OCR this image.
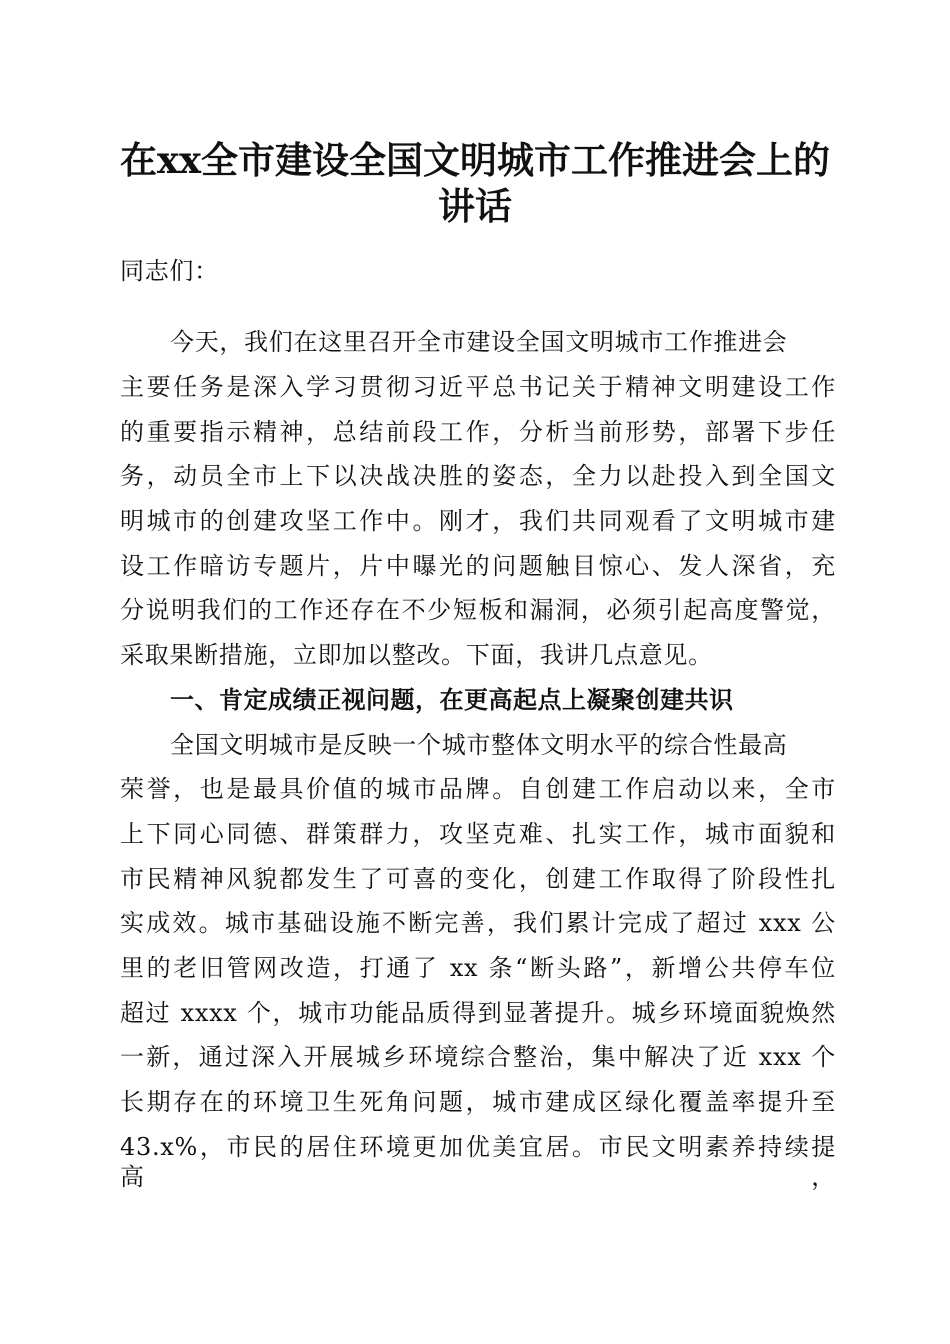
在xx全市建设全国文明城市工作推进会上的
讲话
同志们：
今天，我们在这里召开全市建设全国文明城市工作推进会
主要任务是深入学习贯彻习近平总书记关于精神文明建设工作
的重要指示精神，总结前段工作，分析当前形势，部署下步任
务，动员全市上下以决战决胜的姿态，全力以赴投入到全国文
明城市的创建攻坚工作中。刚才，我们共同观看了文明城市建
设工作暗访专题片，片中曝光的问题触目惊心、发人深省，充
分说明我们的工作还存在不少短板和漏洞，必须引起高度警觉，
采取果断措施，立即加以整改。下面，我讲几点意见。
一、肯定成绩正视问题，在更高起点上凝聚创建共识
全国文明城市是反映一个城市整体文明水平的综合性最高
荣誉，也是最具价值的城市品牌。自创建工作启动以来，全市
上下同心同德、群策群力，攻坚克难、扎实工作，城市面貌和
市民精神风貌都发生了可喜的变化，创建工作取得了阶段性扎
实成效。城市基础设施不断完善，我们累计完成了超过 xxx 公
里的老旧管网改造，打通了 xx 条“断头路”，新增公共停车位
超过 xxxx 个，城市功能品质得到显著提升。城乡环境面貌焕然
一新，通过深入开展城乡环境综合整治，集中解决了近 xxx 个
长期存在的环境卫生死角问题，城市建成区绿化覆盖率提升至
43.x%，市民的居住环境更加优美宜居。市民文明素养持续提高，
